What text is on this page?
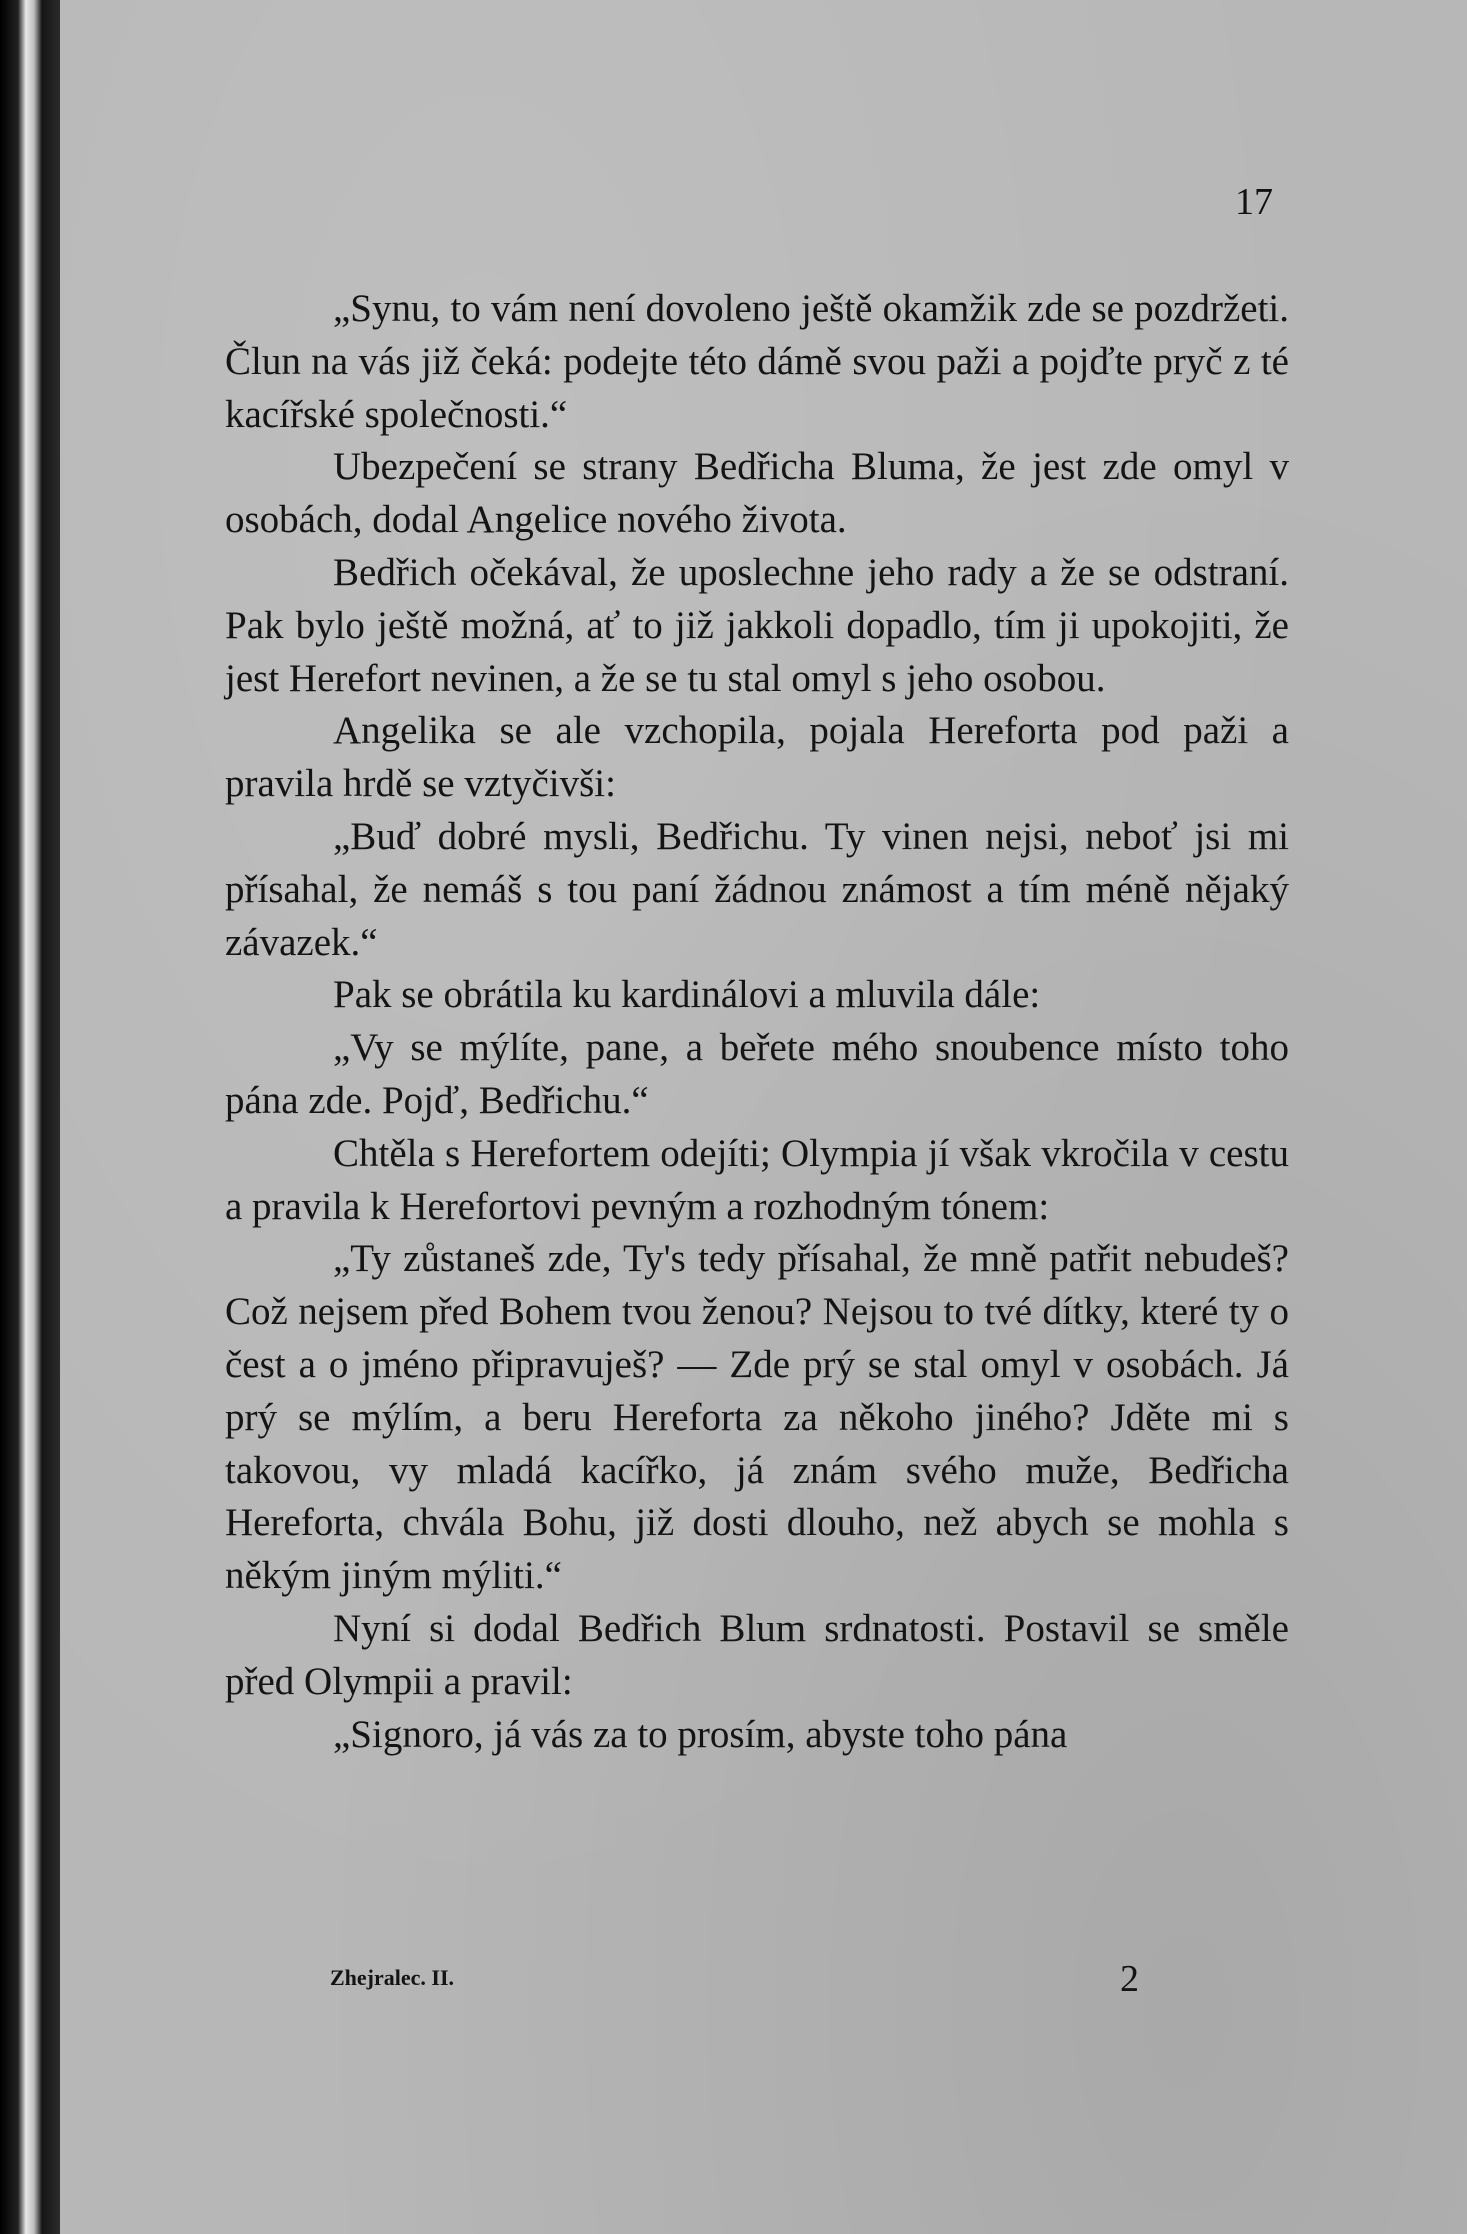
17

„Synu, to vám není dovoleno ještě okamžik zde se pozdržeti. Člun na vás již čeká: podejte této dámě svou paži a pojďte pryč z té kacířské společnosti.“

Ubezpečení se strany Bedřicha Bluma, že jest zde omyl v osobách, dodal Angelice nového života.

Bedřich očekával, že uposlechne jeho rady a že se odstraní. Pak bylo ještě možná, ať to již jakkoli dopadlo, tím ji upokojiti, že jest Herefort nevinen, a že se tu stal omyl s jeho osobou.

Angelika se ale vzchopila, pojala Hereforta pod paži a pravila hrdě se vztyčivši:

„Buď dobré mysli, Bedřichu. Ty vinen nejsi, neboť jsi mi přísahal, že nemáš s tou paní žádnou známost a tím méně nějaký závazek.“

Pak se obrátila ku kardinálovi a mluvila dále:

„Vy se mýlíte, pane, a beřete mého snoubence místo toho pána zde. Pojď, Bedřichu.“

Chtěla s Herefortem odejíti; Olympia jí však vkročila v cestu a pravila k Herefortovi pevným a rozhodným tónem:

„Ty zůstaneš zde, Ty's tedy přísahal, že mně patřit nebudeš? Což nejsem před Bohem tvou ženou? Nejsou to tvé dítky, které ty o čest a o jméno připravuješ? — Zde prý se stal omyl v osobách. Já prý se mýlím, a beru Hereforta za někoho jiného? Jděte mi s takovou, vy mladá kacířko, já znám svého muže, Bedřicha Hereforta, chvála Bohu, již dosti dlouho, než abych se mohla s někým jiným mýliti.“

Nyní si dodal Bedřich Blum srdnatosti. Postavil se směle před Olympii a pravil:

„Signoro, já vás za to prosím, abyste toho pána

Zhejralec. II.	2
